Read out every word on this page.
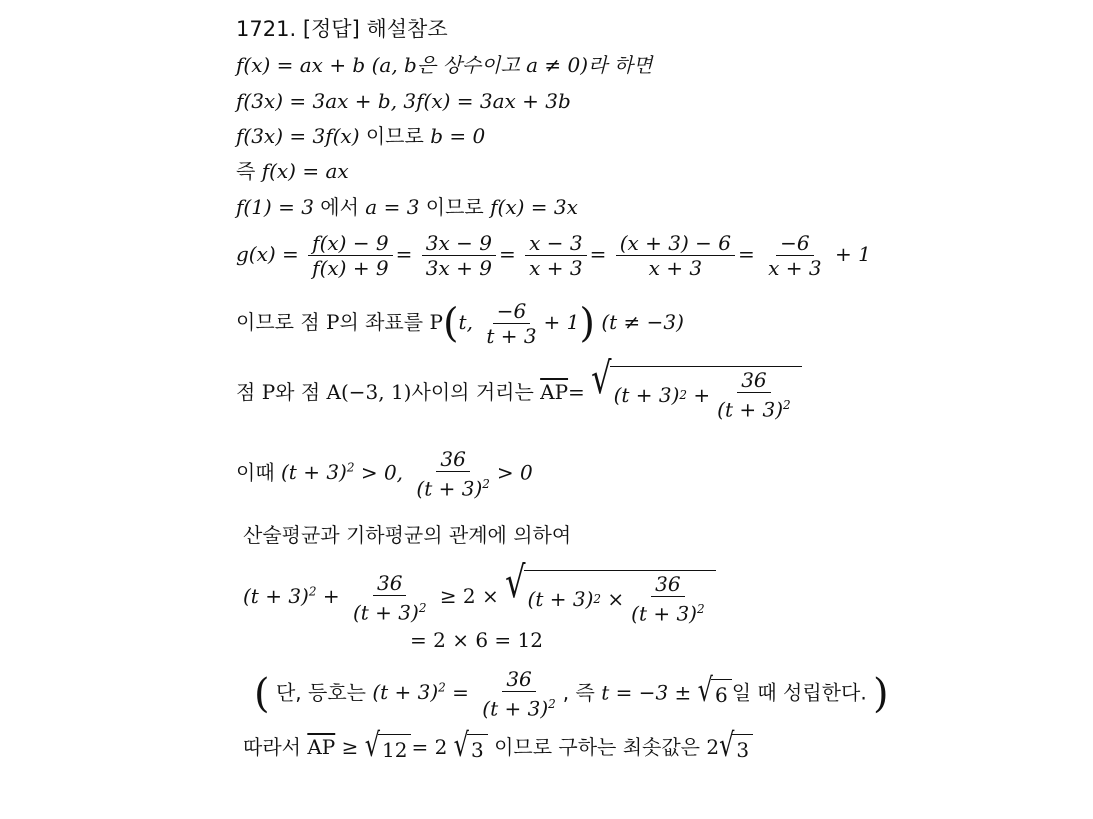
1721. [정답] 해설참조
f(x) = ax + b (a, b은 상수이고 a ≠ 0)라 하면
f(3x) = 3ax + b, 3f(x) = 3ax + 3b
f(3x) = 3f(x) 이므로 b = 0
즉 f(x) = ax
f(1) = 3 에서 a = 3 이므로 f(x) = 3x
$g(x) = \frac{f(x) - 9}{f(x) + 9} = \frac{3x - 9}{3x + 9} = \frac{x - 3}{x + 3} = \frac{(x + 3) - 6}{x + 3} = \frac{-6}{x + 3} + 1$
이므로 점 P의 좌표를 P(t, $\frac{-6}{t + 3} + 1$) (t ≠ −3)
점 P와 점 A(−3, 1)사이의 거리는 $\overline{AP}=$ √ (t + 3) 2
+ $\frac{36}{(t + 3)^2}$
이때 $(t + 3)^2 > 0$, $\frac{36}{(t + 3)^2} > 0$
산술평균과 기하평균의 관계에 의하여
$(t + 3)^2 + \frac{36}{(t + 3)^2} \ge 2$ × √ (t + 3) 2
× $\frac{36}{(t + 3)^2}$
= 2 × 6 = 12
( 단, 등호는 $(t + 3)^2 = \frac{36}{(t + 3)^2}$ , 즉 t = −3 ± √ 6 일 때 성립한다. )
따라서 $\overline{AP}$ ≥ √ 12 = 2 √ 3 이므로 구하는 최솟값은 2 √ 3
